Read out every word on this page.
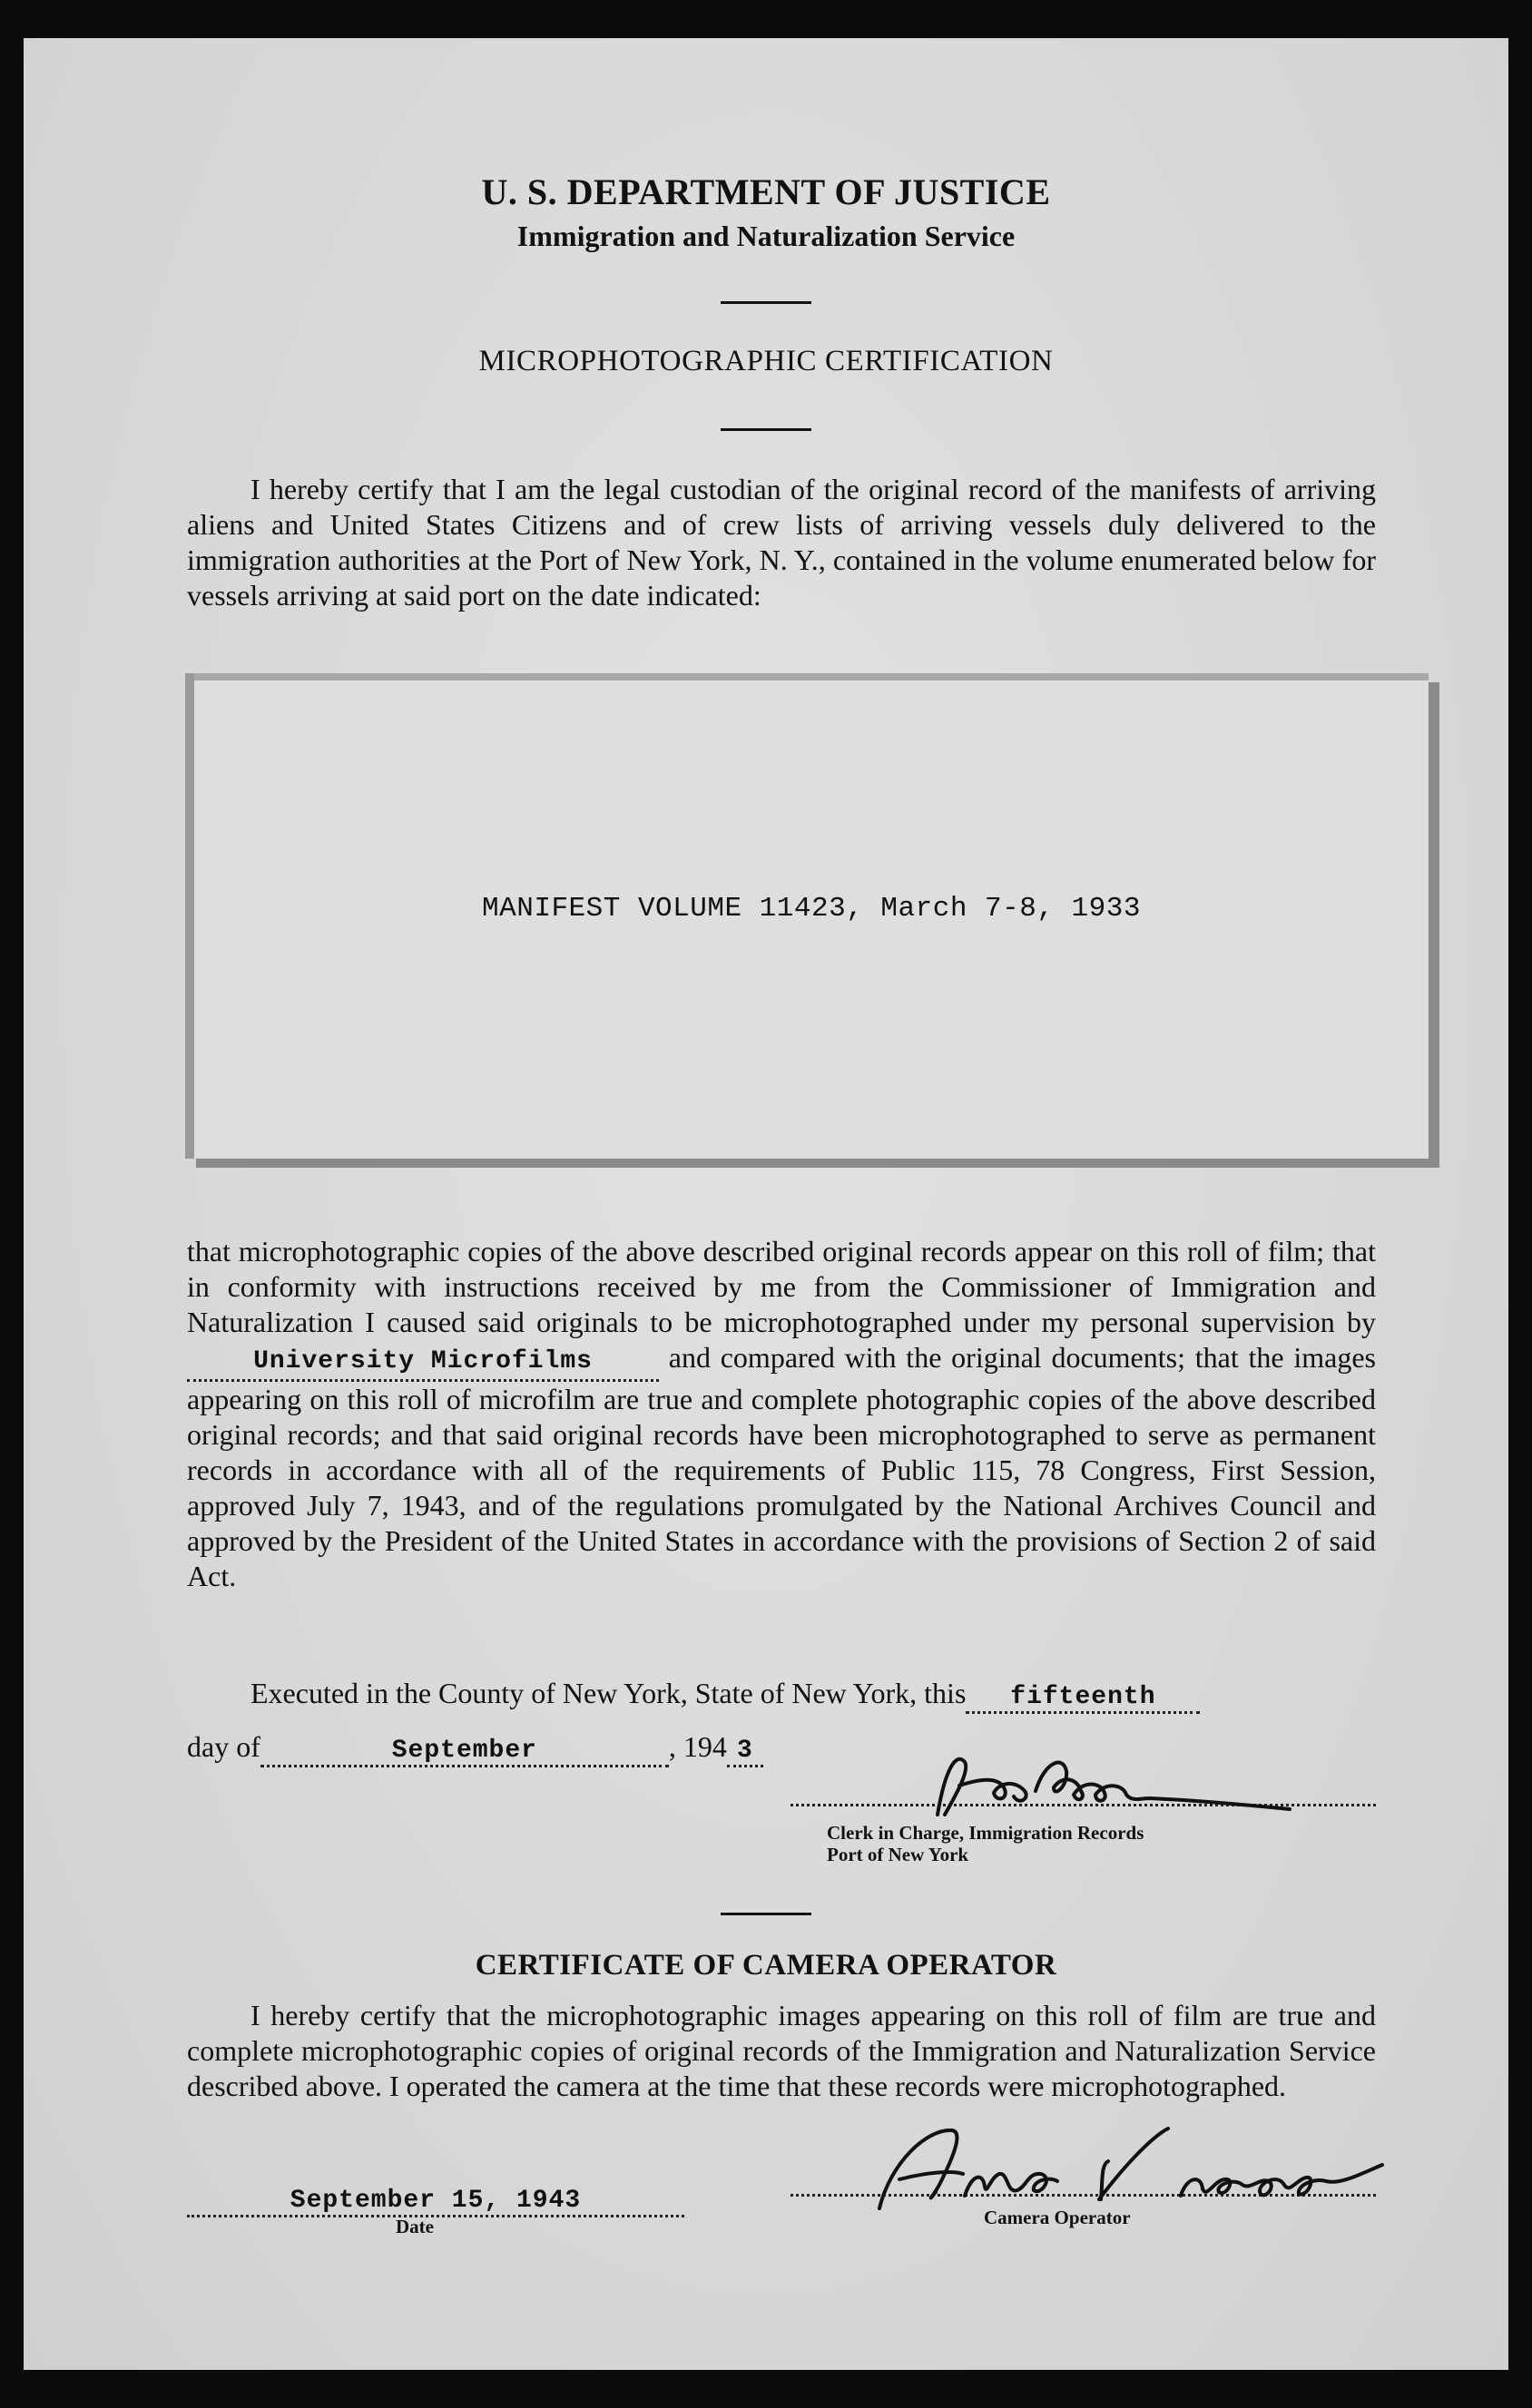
U. S. DEPARTMENT OF JUSTICE
Immigration and Naturalization Service
MICROPHOTOGRAPHIC CERTIFICATION
I hereby certify that I am the legal custodian of the original record of the manifests of arriving aliens and United States Citizens and of crew lists of arriving vessels duly delivered to the immigration authorities at the Port of New York, N. Y., contained in the volume enumerated below for vessels arriving at said port on the date indicated:
MANIFEST VOLUME 11423, March 7-8, 1933
that microphotographic copies of the above described original records appear on this roll of film; that in conformity with instructions received by me from the Commissioner of Immigration and Naturalization I caused said originals to be microphotographed under my personal supervision by University Microfilms	and compared with the original documents; that the images appearing on this roll of microfilm are true and complete photographic copies of the above described original records; and that said original records have been microphotographed to serve as permanent records in accordance with all of the requirements of Public 115, 78 Congress, First Session, approved July 7, 1943, and of the regulations promulgated by the National Archives Council and approved by the President of the United States in accordance with the provisions of Section 2 of said Act.
Executed in the County of New York, State of New York, this fifteenth
day of	September	, 194 3
Clerk in Charge, Immigration Records
Port of New York
CERTIFICATE OF CAMERA OPERATOR
I hereby certify that the microphotographic images appearing on this roll of film are true and complete microphotographic copies of original records of the Immigration and Naturalization Service described above. I operated the camera at the time that these records were microphotographed.
September 15, 1943
Date	Camera Operator
